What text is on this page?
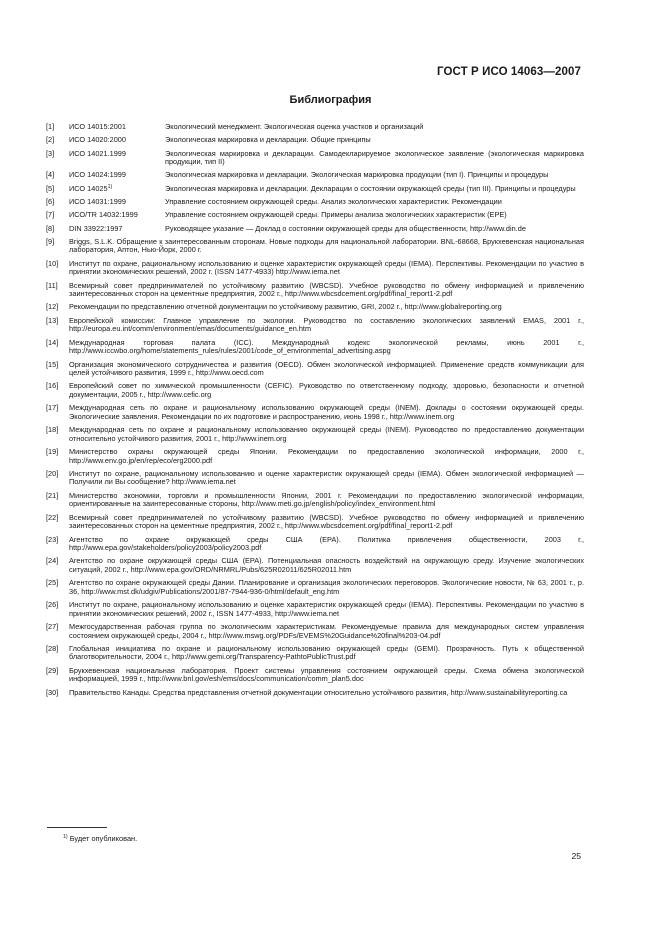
ГОСТ Р ИСО 14063—2007
Библиография
[1]	ИСО 14015:2001	Экологический менеджмент. Экологическая оценка участков и организаций
[2]	ИСО 14020:2000	Экологическая маркировка и декларации. Общие принципы
[3]	ИСО 14021.1999	Экологическая маркировка и декларации. Самодекларируемое экологическое заявление (экологическая маркировка продукции, тип II)
[4]	ИСО 14024:1999	Экологическая маркировка и декларации. Экологическая маркировка продукции (тип I). Принципы и процедуры
[5]	ИСО 14025$^{1)}$	Экологическая маркировка и декларации. Декларации о состоянии окружающей среды (тип III). Принципы и процедуры
[6]	ИСО 14031:1999	Управление состоянием окружающей среды. Анализ экологических характеристик. Рекомендации
[7]	ИСО/TR 14032:1999	Управление состоянием окружающей среды. Примеры анализа экологических характеристик (ЕРЕ)
[8]	DIN 33922:1997	Руководящее указание — Доклад о состоянии окружающей среды для общественности, http://www.din.de
[9]	Briggs, S.L.K. Обращение к заинтересованным сторонам. Новые подходы для национальной лаборатории. BNL-68668, Брукхевенская национальная лаборатория, Аптон, Нью-Йорк, 2000 г.
[10]	Институт по охране, рациональному использованию и оценке характеристик окружающей среды (IEMA). Перспективы. Рекомендации по участию в принятии экономических решений, 2002 г. (ISSN 1477-4933) http://www.iema.net
[11]	Всемирный совет предпринимателей по устойчивому развитию (WBCSD). Учебное руководство по обмену информацией и привлечению заинтересованных сторон на цементные предприятия, 2002 г., http://www.wbcsdcement.org/pdf/final_report1-2.pdf
[12]	Рекомендации по представлению отчетной документации по устойчивому развитию, GRI, 2002 г., http://www.globalreporting.org
[13]	Европейской комиссии: Главное управление по экологии. Руководство по составлению экологических заявлений EMAS, 2001 г., http://europa.eu.int/comm/environment/emas/documents/guidance_en.htm
[14]	Международная торговая палата (ICC). Международный кодекс экологической рекламы, июнь 2001 г., http://www.iccwbo.org/home/statements_rules/rules/2001/code_of_environmental_advertising.aspg
[15]	Организация экономического сотрудничества и развития (OECD). Обмен экологической информацией. Применение средств коммуникации для целей устойчивого развития, 1999 г., http://www.oecd.com
[16]	Европейский совет по химической промышленности (CEFIC). Руководство по ответственному подходу, здоровью, безопасности и отчетной документации, 2005 г., http://www.cefic.org
[17]	Международная сеть по охране и рациональному использованию окружающей среды (INEM). Доклады о состоянии окружающей среды. Экологические заявления. Рекомендации по их подготовке и распространению, июнь 1998 г., http://www.inem.org
[18]	Международная сеть по охране и рациональному использованию окружающей среды (INEM). Руководство по предоставлению документации относительно устойчивого развития, 2001 г., http://www.inem.org
[19]	Министерство охраны окружающей среды Японии. Рекомендации по предоставлению экологической информации, 2000 г., http://www.env.go.jp/en/rep/eco/erg2000.pdf
[20]	Институт по охране, рациональному использованию и оценке характеристик окружающей среды (IEMA). Обмен экологической информацией — Получили ли Вы сообщение? http://www.iema.net
[21]	Министерство экономики, торговли и промышленности Японии, 2001 г. Рекомендации по предоставлению экологической информации, ориентированные на заинтересованные стороны, http://www.meti.go.jp/english/policy/index_environment.html
[22]	Всемирный совет предпринимателей по устойчивому развитию (WBCSD). Учебное руководство по обмену информацией и привлечению заинтересованных сторон на цементные предприятия, 2002 г., http://www.wbcsdcement.org/pdf/final_report1-2.pdf
[23]	Агентство по охране окружающей среды США (EPA). Политика привлечения общественности, 2003 г., http://www.epa.gov/stakeholders/policy2003/policy2003.pdf
[24]	Агентство по охране окружающей среды США (EPA). Потенциальная опасность воздействий на окружающую среду. Изучение экологических ситуаций, 2002 г., http://www.epa.gov/ORD/NRMRL/Pubs/625R02011/625R02011.htm
[25]	Агентство по охране окружающей среды Дании. Планирование и организация экологических переговоров. Экологические новости, № 63, 2001 г., p. 36, http://www.mst.dk/udgiv/Publications/2001/87-7944-936-0/html/default_eng.htm
[26]	Институт по охране, рациональному использованию и оценке характеристик окружающей среды (IEMA). Перспективы. Рекомендации по участию в принятии экономических решений, 2002 г., ISSN 1477-4933, http://www.iema.net
[27]	Межгосударственная рабочая группа по экологическим характеристикам. Рекомендуемые правила для международных систем управления состоянием окружающей среды, 2004 г., http://www.mswg.org/PDFs/EVEMS%20Guidance%20final%203-04.pdf
[28]	Глобальная инициатива по охране и рациональному использованию окружающей среды (GEMI). Прозрачность. Путь к общественной благотворительности, 2004 г., http://www.gemi.org/Transparency-PathtoPublicTrust.pdf
[29]	Брукхевенская национальная лаборатория. Проект системы управления состоянием окружающей среды. Схема обмена экологической информацией, 1999 г., http://www.bnl.gov/esh/ems/docs/communication/comm_plan5.doc
[30]	Правительство Канады. Средства представления отчетной документации относительно устойчивого развития, http://www.sustainabilityreporting.ca
$^{1)}$ Будет опубликован.
25
